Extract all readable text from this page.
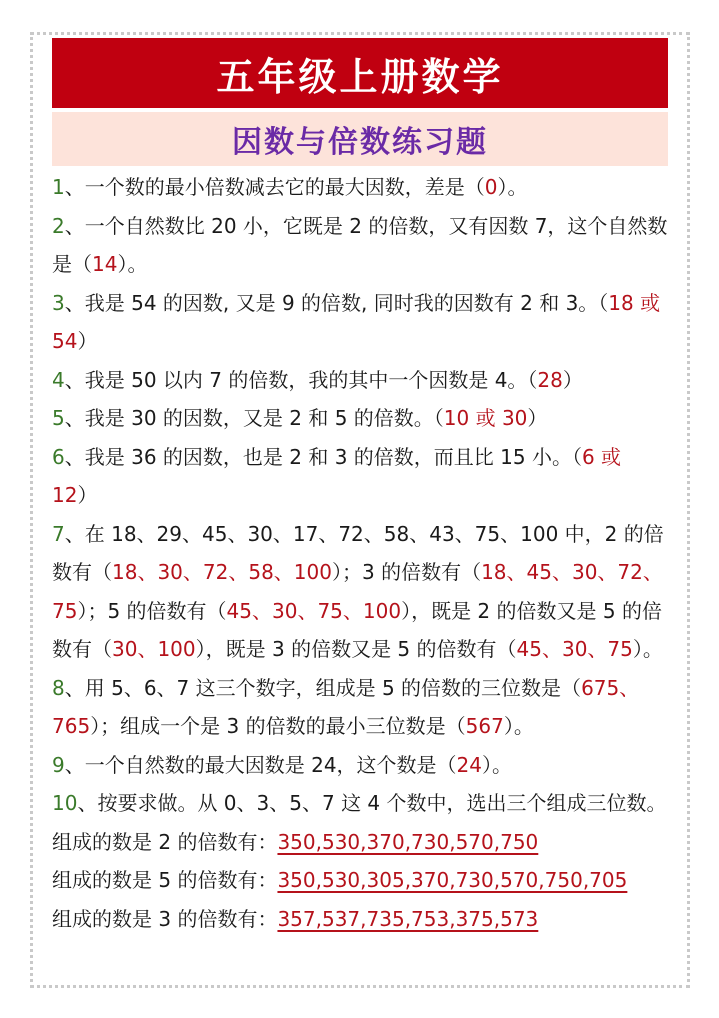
五年级上册数学
因数与倍数练习题

1、一个数的最小倍数减去它的最大因数，差是（0）。

2、一个自然数比 20 小，它既是 2 的倍数，又有因数 7，这个自然数是（14）。

3、我是 54 的因数, 又是 9 的倍数, 同时我的因数有 2 和 3。（18 或 54）

4、我是 50 以内 7 的倍数，我的其中一个因数是 4。（28）

5、我是 30 的因数，又是 2 和 5 的倍数。（10 或 30）

6、我是 36 的因数，也是 2 和 3 的倍数，而且比 15 小。（6 或 12）

7、在 18、29、45、30、17、72、58、43、75、100 中，2 的倍数有（18、30、72、58、100）；3 的倍数有（18、45、30、72、75）；5 的倍数有（45、30、75、100），既是 2 的倍数又是 5 的倍数有（30、100），既是 3 的倍数又是 5 的倍数有（45、30、75）。

8、用 5、6、7 这三个数字，组成是 5 的倍数的三位数是（675、765）；组成一个是 3 的倍数的最小三位数是（567）。

9、一个自然数的最大因数是 24，这个数是（24）。

10、按要求做。从 0、3、5、7 这 4 个数中，选出三个组成三位数。

组成的数是 2 的倍数有：350,530,370,730,570,750

组成的数是 5 的倍数有：350,530,305,370,730,570,750,705

组成的数是 3 的倍数有：357,537,735,753,375,573
